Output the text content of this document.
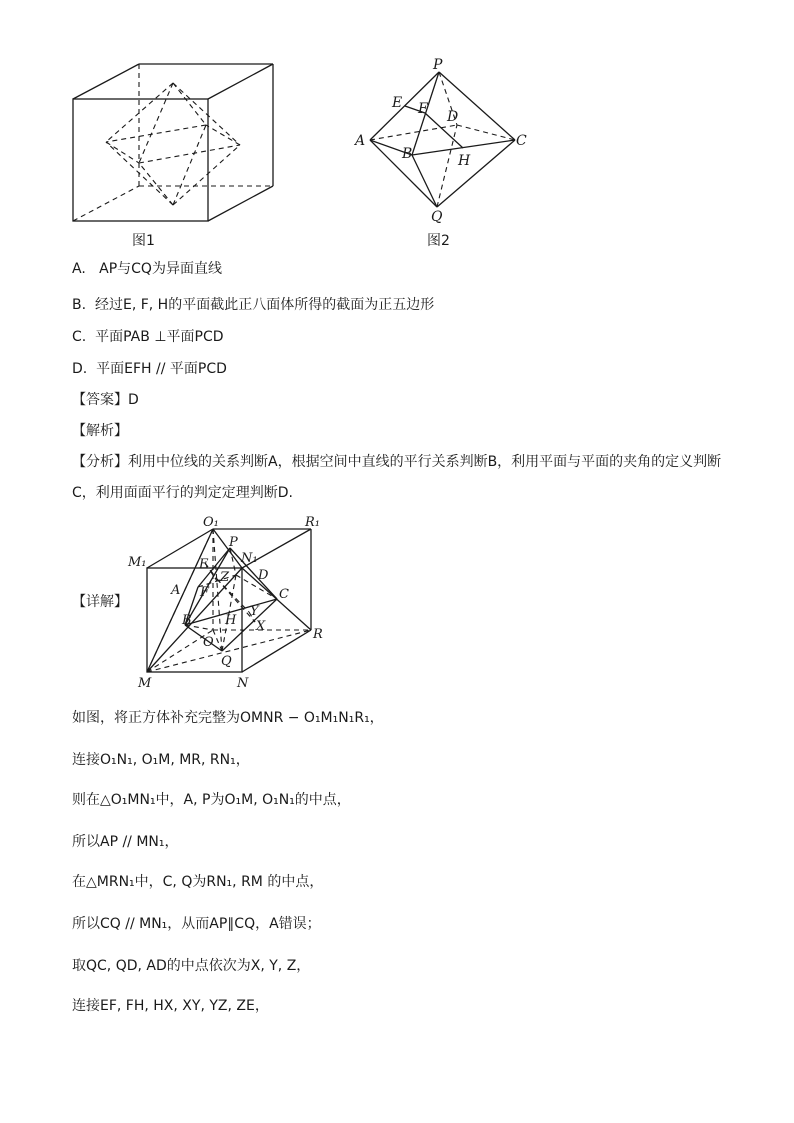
图1
P
E F D
A	C
B	H
Q
图2
A. AP与CQ为异面直线
B. 经过E, F, H的平面截此正八面体所得的截面为正五边形
C. 平面PAB ⊥平面PCD
D. 平面EFH // 平面PCD
【答案】D
【解析】
【分析】利用中位线的关系判断A，根据空间中直线的平行关系判断B，利用平面与平面的夹角的定义判断
C，利用面面平行的判定定理判断D.
【详解】
O₁	R₁
M₁
P
N₁
E
Z D
A F	C
Y
H X
B
O
R
Q
M	N
如图，将正方体补充完整为OMNR − O₁M₁N₁R₁，
连接O₁N₁, O₁M, MR, RN₁，
则在△O₁MN₁中，A, P为O₁M, O₁N₁的中点，
所以AP // MN₁，
在△MRN₁中，C, Q为RN₁, RM 的中点，
所以CQ // MN₁，从而AP∥CQ，A错误；
取QC, QD, AD的中点依次为X, Y, Z，
连接EF, FH, HX, XY, YZ, ZE，
